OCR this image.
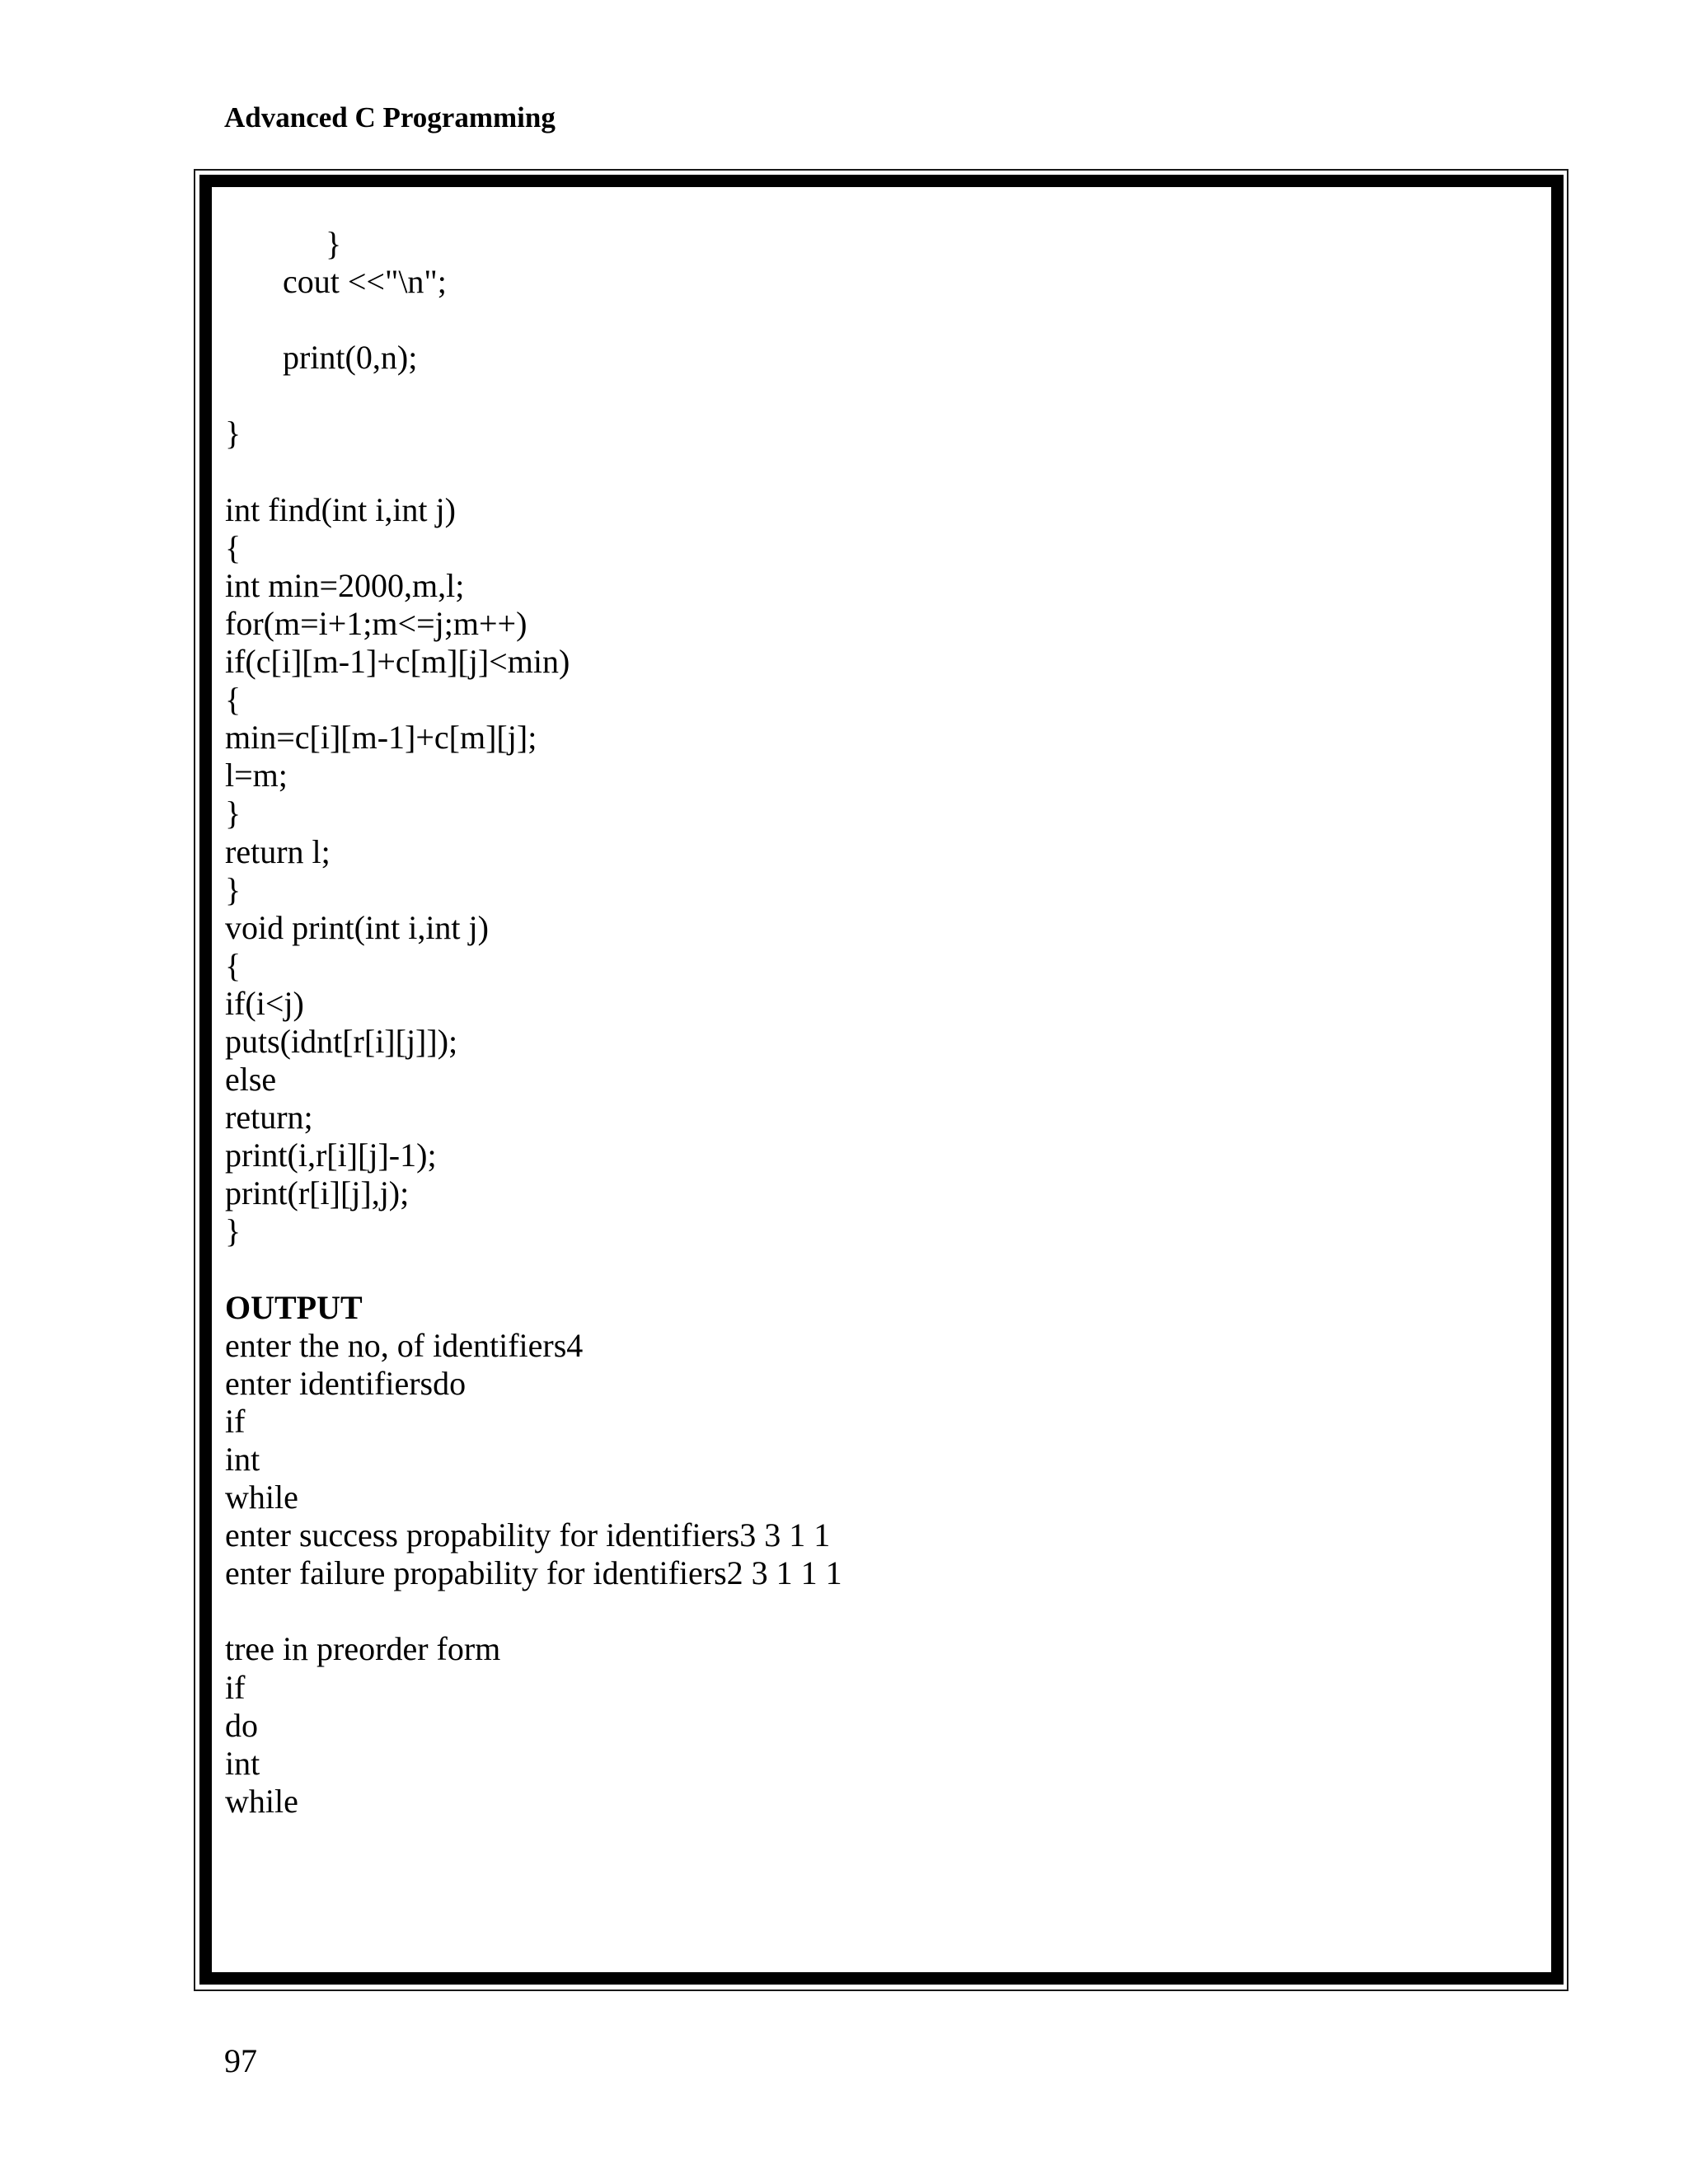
Advanced C Programming
}
cout <<"\n";
print(0,n);
}
int find(int i,int j)
{
int min=2000,m,l;
for(m=i+1;m<=j;m++)
if(c[i][m-1]+c[m][j]<min)
{
min=c[i][m-1]+c[m][j];
l=m;
}
return l;
}
void print(int i,int j)
{
if(i<j)
puts(idnt[r[i][j]]);
else
return;
print(i,r[i][j]-1);
print(r[i][j],j);
}
OUTPUT
enter the no, of identifiers4
enter identifiersdo
if
int
while
enter success propability for identifiers3 3 1 1
enter failure propability for identifiers2 3 1 1 1
tree in preorder form
if
do
int
while
97
